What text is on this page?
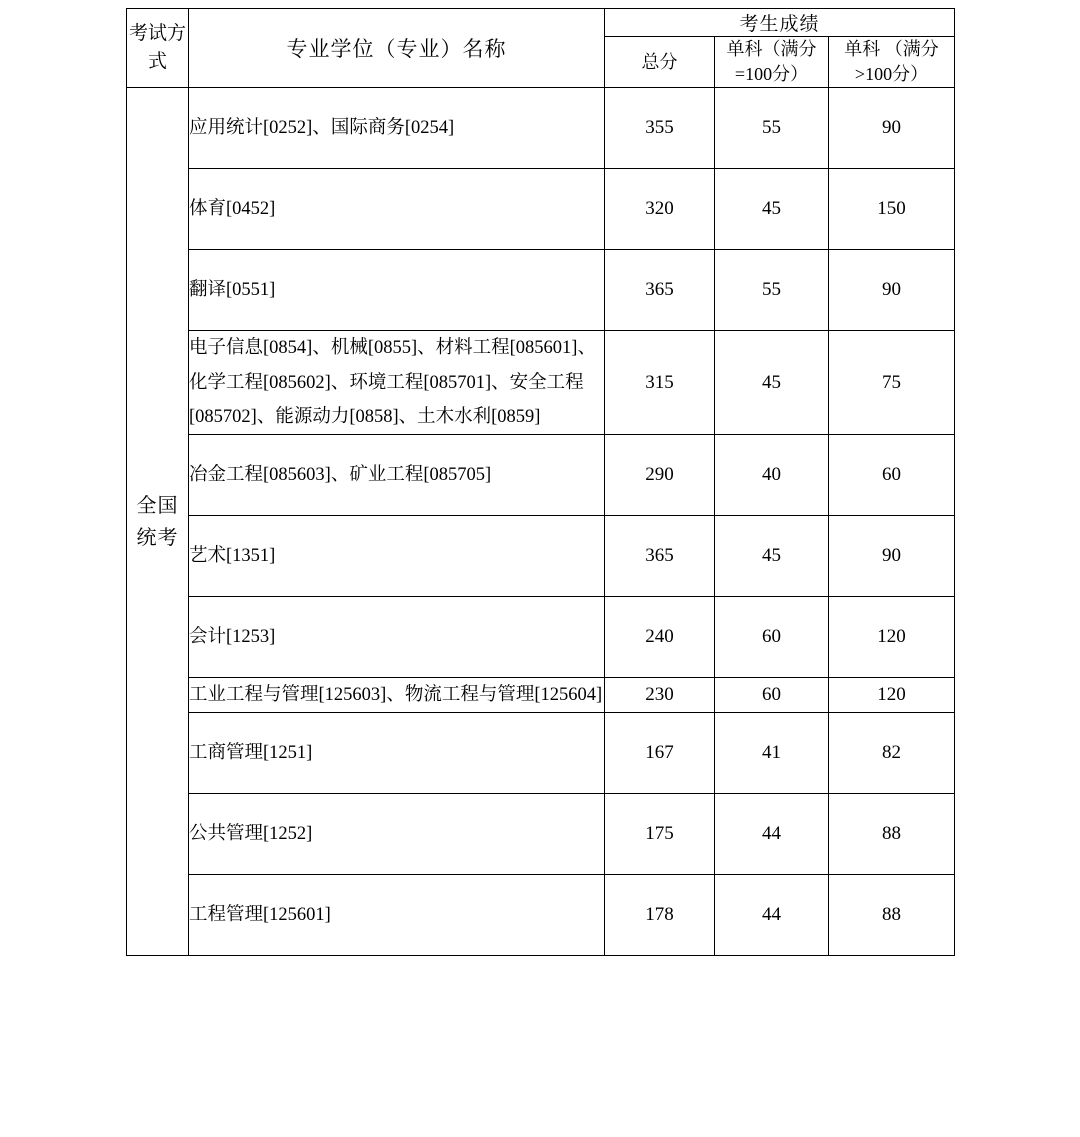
考试方式	专业学位（专业）名称	考生成绩		
		总分	单科（满分=100分）	单科 （满分>100分）
全国统考	应用统计[0252]、国际商务[0254]	355	55	90
	体育[0452]	320	45	150
	翻译[0551]	365	55	90
	电子信息[0854]、机械[0855]、材料工程[085601]、化学工程[085602]、环境工程[085701]、安全工程[085702]、能源动力[0858]、土木水利[0859]	315	45	75
	冶金工程[085603]、矿业工程[085705]	290	40	60
	艺术[1351]	365	45	90
	会计[1253]	240	60	120
	工业工程与管理[125603]、物流工程与管理[125604]	230	60	120
	工商管理[1251]	167	41	82
	公共管理[1252]	175	44	88
	工程管理[125601]	178	44	88
